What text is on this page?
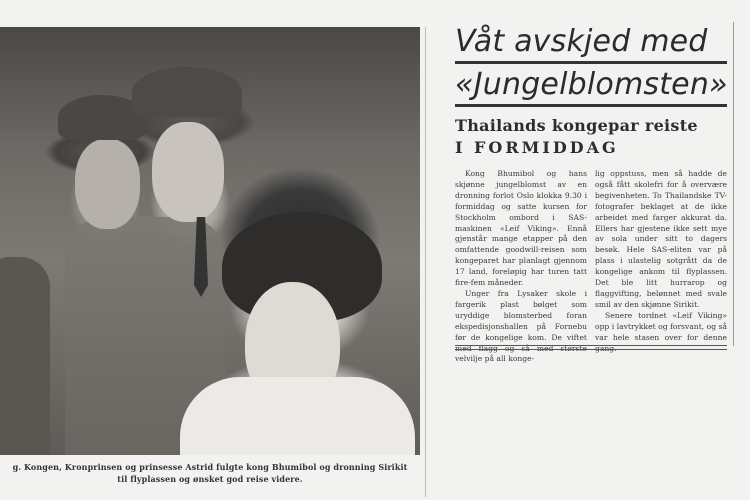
g. Kongen, Kronprinsen og prinsesse Astrid fulgte kong Bhumibol og dronning Sirikit
til flyplassen og ønsket god reise videre.
Våt avskjed med
«Jungelblomsten»
Thailands kongepar reiste
I FORMIDDAG

Kong Bhumibol og hans skjønne jungelblomst av en dronning forlot Oslo klokka 9.30 i formiddag og satte kursen for Stockholm ombord i SAS-maskinen «Leif Viking». Ennå gjenstår mange etapper på den omfattende goodwill-reisen som kongeparet har planlagt gjennom 17 land, foreløpig har turen tatt fire-fem måneder.

Unger fra Lysaker skole i fargerik plast bølget som uryddige blomsterbed foran ekspedisjonshallen på Fornebu før de kongelige kom. De viftet med flagg og så med største velvilje på all konge-

lig oppstuss, men så hadde de også fått skolefri for å overvære begivenheten. To Thailandske TV-fotografer beklaget at de ikke arbeidet med farger akkurat da. Ellers har gjestene ikke sett mye av sola under sitt to dagers besøk. Hele SAS-eliten var på plass i ulastelig sotgrått da de kongelige ankom til flyplassen. Det ble litt hurrarop og flaggvifting, belønnet med svale smil av den skjønne Sirikit.

Senere tordnet «Leif Viking» opp i lavtrykket og forsvant, og så var hele stasen over for denne gang.
